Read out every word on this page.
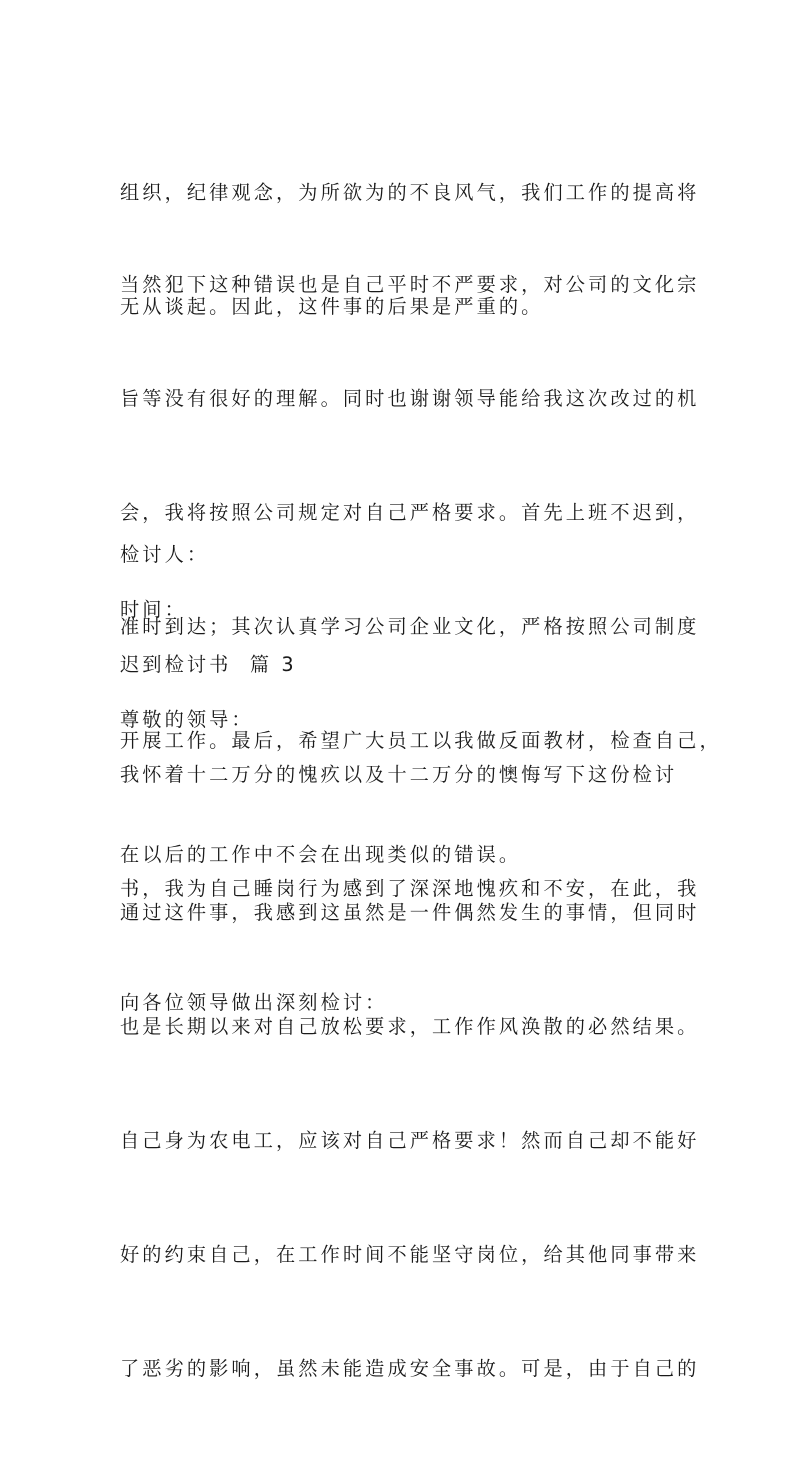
组织，纪律观念，为所欲为的不良风气，我们工作的提高将

无从谈起。因此，这件事的后果是严重的。

当然犯下这种错误也是自己平时不严要求，对公司的文化宗

旨等没有很好的理解。同时也谢谢领导能给我这次改过的机

会，我将按照公司规定对自己严格要求。首先上班不迟到，

准时到达；其次认真学习公司企业文化，严格按照公司制度

开展工作。最后，希望广大员工以我做反面教材，检查自己，

在以后的工作中不会在出现类似的错误。

检讨人：

时间：

迟到检讨书  篇 3

尊敬的领导：

我怀着十二万分的愧疚以及十二万分的懊悔写下这份检讨

书，我为自己睡岗行为感到了深深地愧疚和不安，在此，我

向各位领导做出深刻检讨：

通过这件事，我感到这虽然是一件偶然发生的事情，但同时

也是长期以来对自己放松要求，工作作风涣散的必然结果。

自己身为农电工，应该对自己严格要求！然而自己却不能好

好的约束自己，在工作时间不能坚守岗位，给其他同事带来

了恶劣的影响，虽然未能造成安全事故。可是，由于自己的
